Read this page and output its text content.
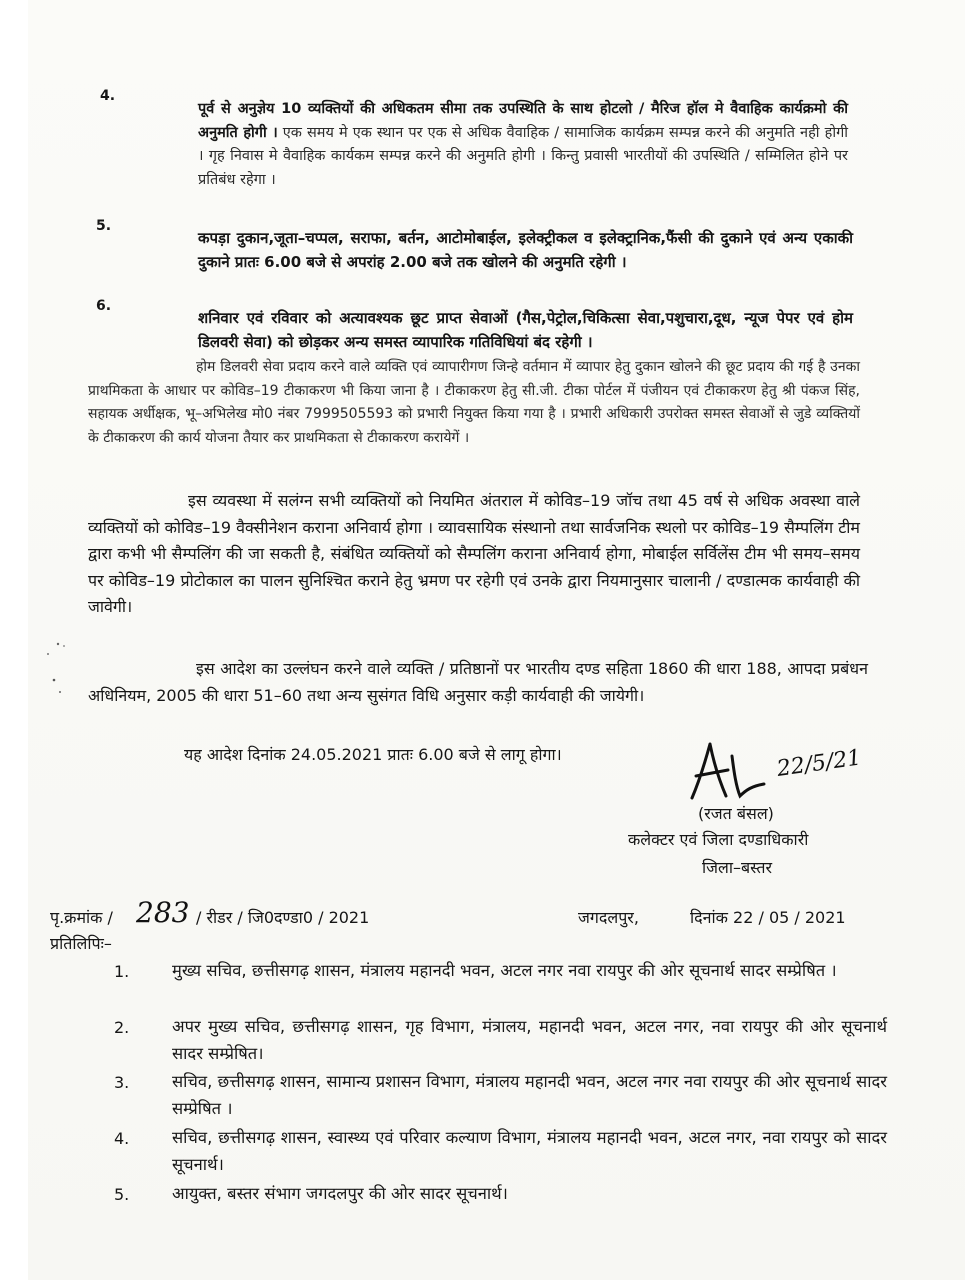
4.
पूर्व से अनुज्ञेय 10 व्यक्तियों की अधिकतम सीमा तक उपस्थिति के साथ होटलो / मैरिज हॉल मे वैवाहिक कार्यक्रमो की अनुमति होगी । एक समय मे एक स्थान पर एक से अधिक वैवाहिक / सामाजिक कार्यक्रम सम्पन्न करने की अनुमति नही होगी । गृह निवास मे वैवाहिक कार्यकम सम्पन्न करने की अनुमति होगी । किन्तु प्रवासी भारतीयों की उपस्थिति / सम्मिलित होने पर प्रतिबंध रहेगा ।
5.
कपड़ा दुकान,जूता–चप्पल, सराफा, बर्तन, आटोमोबाईल, इलेक्ट्रीकल व इलेक्ट्रानिक,फैंसी की दुकाने एवं अन्य एकाकी दुकाने प्रातः 6.00 बजे से अपरांह 2.00 बजे तक खोलने की अनुमति रहेगी ।
6.
शनिवार एवं रविवार को अत्यावश्यक छूट प्राप्त सेवाओं (गैस,पेट्रोल,चिकित्सा सेवा,पशुचारा,दूध, न्यूज पेपर एवं होम डिलवरी सेवा) को छोड़कर अन्य समस्त व्यापारिक गतिविधियां बंद रहेगी ।
होम डिलवरी सेवा प्रदाय करने वाले व्यक्ति एवं व्यापारीगण जिन्हे वर्तमान में व्यापार हेतु दुकान खोलने की छूट प्रदाय की गई है उनका प्राथमिकता के आधार पर कोविड–19 टीकाकरण भी किया जाना है । टीकाकरण हेतु सी.जी. टीका पोर्टल में पंजीयन एवं टीकाकरण हेतु श्री पंकज सिंह, सहायक अर्धीक्षक, भू–अभिलेख मो0 नंबर 7999505593 को प्रभारी नियुक्त किया गया है । प्रभारी अधिकारी उपरोक्त समस्त सेवाओं से जुडे व्यक्तियों के टीकाकरण की कार्य योजना तैयार कर प्राथमिकता से टीकाकरण करायेगें ।
इस व्यवस्था में सलंग्न सभी व्यक्तियों को नियमित अंतराल में कोविड–19 जॉच तथा 45 वर्ष से अधिक अवस्था वाले व्यक्तियों को कोविड–19 वैक्सीनेशन कराना अनिवार्य होगा । व्यावसायिक संस्थानो तथा सार्वजनिक स्थलो पर कोविड–19 सैम्पलिंग टीम द्वारा कभी भी सैम्पलिंग की जा सकती है, संबंधित व्यक्तियों को सैम्पलिंग कराना अनिवार्य होगा, मोबाईल सर्विलेंस टीम भी समय–समय पर कोविड–19 प्रोटोकाल का पालन सुनिश्चित कराने हेतु भ्रमण पर रहेगी एवं उनके द्वारा नियमानुसार चालानी / दण्डात्मक कार्यवाही की जावेगी।
इस आदेश का उल्लंघन करने वाले व्यक्ति / प्रतिष्ठानों पर भारतीय दण्ड सहिता 1860 की धारा 188, आपदा प्रबंधन अधिनियम, 2005 की धारा 51–60 तथा अन्य सुसंगत विधि अनुसार कड़ी कार्यवाही की जायेगी।
यह आदेश दिनांक 24.05.2021 प्रातः 6.00 बजे से लागू होगा।	22/5/21
(रजत बंसल)
कलेक्टर एवं जिला दण्डाधिकारी
जिला–बस्तर
पृ.क्रमांक / 283 / रीडर / जि0दण्डा0 / 2021	जगदलपुर,	दिनांक 22 / 05 / 2021
प्रतिलिपिः–
1.	मुख्य सचिव, छत्तीसगढ़ शासन, मंत्रालय महानदी भवन, अटल नगर नवा रायपुर की ओर सूचनार्थ सादर सम्प्रेषित ।
2.	अपर मुख्य सचिव, छत्तीसगढ़ शासन, गृह विभाग, मंत्रालय, महानदी भवन, अटल नगर, नवा रायपुर की ओर सूचनार्थ सादर सम्प्रेषित।
3.	सचिव, छत्तीसगढ़ शासन, सामान्य प्रशासन विभाग, मंत्रालय महानदी भवन, अटल नगर नवा रायपुर की ओर सूचनार्थ सादर सम्प्रेषित ।
4.	सचिव, छत्तीसगढ़ शासन, स्वास्थ्य एवं परिवार कल्याण विभाग, मंत्रालय महानदी भवन, अटल नगर, नवा रायपुर को सादर सूचनार्थ।
5.	आयुक्त, बस्तर संभाग जगदलपुर की ओर सादर सूचनार्थ।
